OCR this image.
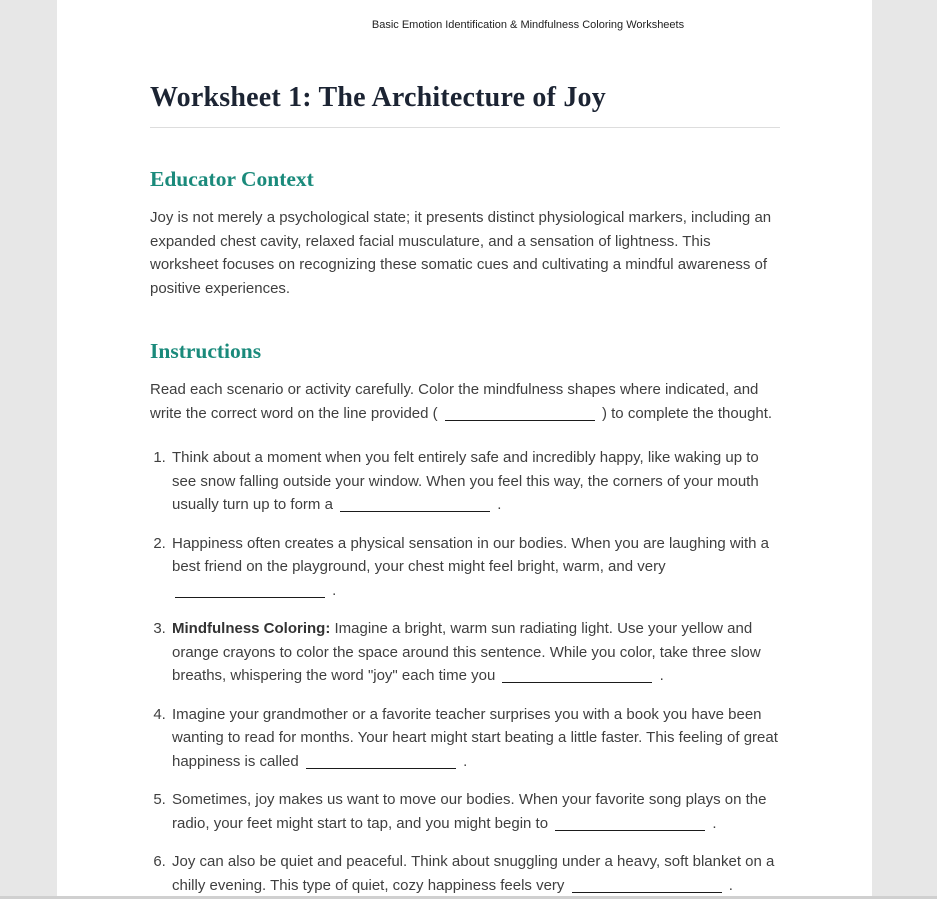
Basic Emotion Identification & Mindfulness Coloring Worksheets
Worksheet 1: The Architecture of Joy
Educator Context

Joy is not merely a psychological state; it presents distinct physiological markers, including an expanded chest cavity, relaxed facial musculature, and a sensation of lightness. This worksheet focuses on recognizing these somatic cues and cultivating a mindful awareness of positive experiences.

Instructions

Read each scenario or activity carefully. Color the mindfulness shapes where indicated, and write the correct word on the line provided (	) to complete the thought.

1. Think about a moment when you felt entirely safe and incredibly happy, like waking up to see snow falling outside your window. When you feel this way, the corners of your mouth usually turn up to form a	.
2. Happiness often creates a physical sensation in our bodies. When you are laughing with a best friend on the playground, your chest might feel bright, warm, and very  .
3. Mindfulness Coloring: Imagine a bright, warm sun radiating light. Use your yellow and orange crayons to color the space around this sentence. While you color, take three slow breaths, whispering the word "joy" each time you	.
4. Imagine your grandmother or a favorite teacher surprises you with a book you have been wanting to read for months. Your heart might start beating a little faster. This feeling of great happiness is called	.
5. Sometimes, joy makes us want to move our bodies. When your favorite song plays on the radio, your feet might start to tap, and you might begin to	.
6. Joy can also be quiet and peaceful. Think about snuggling under a heavy, soft blanket on a chilly evening. This type of quiet, cozy happiness feels very	.
